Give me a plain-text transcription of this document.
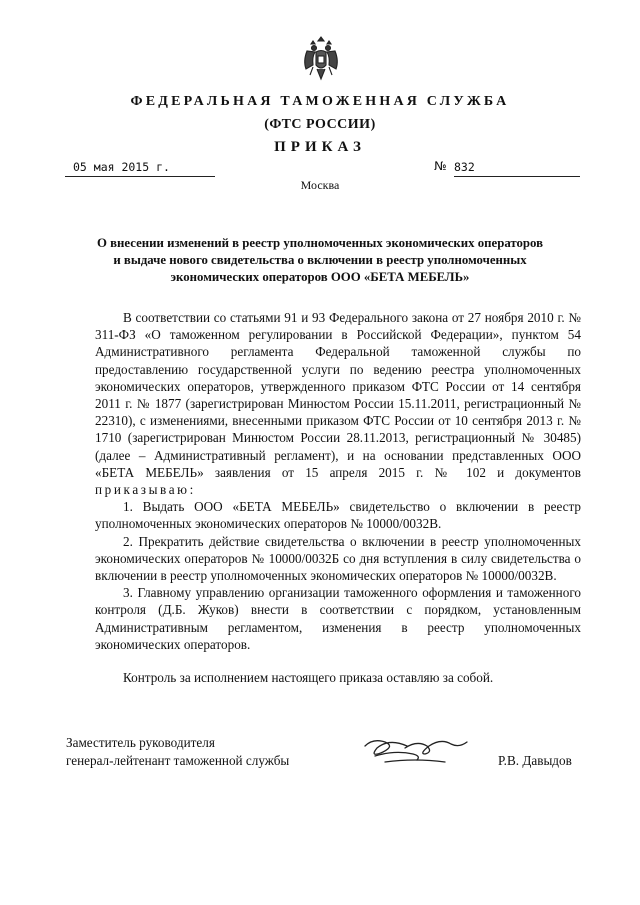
ФЕДЕРАЛЬНАЯ ТАМОЖЕННАЯ СЛУЖБА
(ФТС РОССИИ)
ПРИКАЗ
05 мая 2015 г.	№ 832
Москва
О внесении изменений в реестр уполномоченных экономических операторов
и выдаче нового свидетельства о включении в реестр уполномоченных
экономических операторов ООО «БЕТА МЕБЕЛЬ»

В соответствии со статьями 91 и 93 Федерального закона от 27 ноября 2010 г. № 311-ФЗ «О таможенном регулировании в Российской Федерации», пунктом 54 Административного регламента Федеральной таможенной службы по предоставлению государственной услуги по ведению реестра уполномоченных экономических операторов, утвержденного приказом ФТС России от 14 сентября 2011 г. № 1877 (зарегистрирован Минюстом России 15.11.2011, регистрационный № 22310), с изменениями, внесенными приказом ФТС России от 10 сентября 2013 г. № 1710 (зарегистрирован Минюстом России 28.11.2013, регистрационный № 30485) (далее – Административный регламент), и на основании представленных ООО «БЕТА МЕБЕЛЬ» заявления от 15 апреля 2015 г. № 102 и документов приказываю:

1. Выдать ООО «БЕТА МЕБЕЛЬ» свидетельство о включении в реестр уполномоченных экономических операторов № 10000/0032В.

2. Прекратить действие свидетельства о включении в реестр уполномоченных экономических операторов № 10000/0032Б со дня вступления в силу свидетельства о включении в реестр уполномоченных экономических операторов № 10000/0032В.

3. Главному управлению организации таможенного оформления и таможенного контроля (Д.Б. Жуков) внести в соответствии с порядком, установленным Административным регламентом, изменения в реестр уполномоченных экономических операторов.

Контроль за исполнением настоящего приказа оставляю за собой.

Заместитель руководителя
генерал-лейтенант таможенной службы	Р.В. Давыдов
